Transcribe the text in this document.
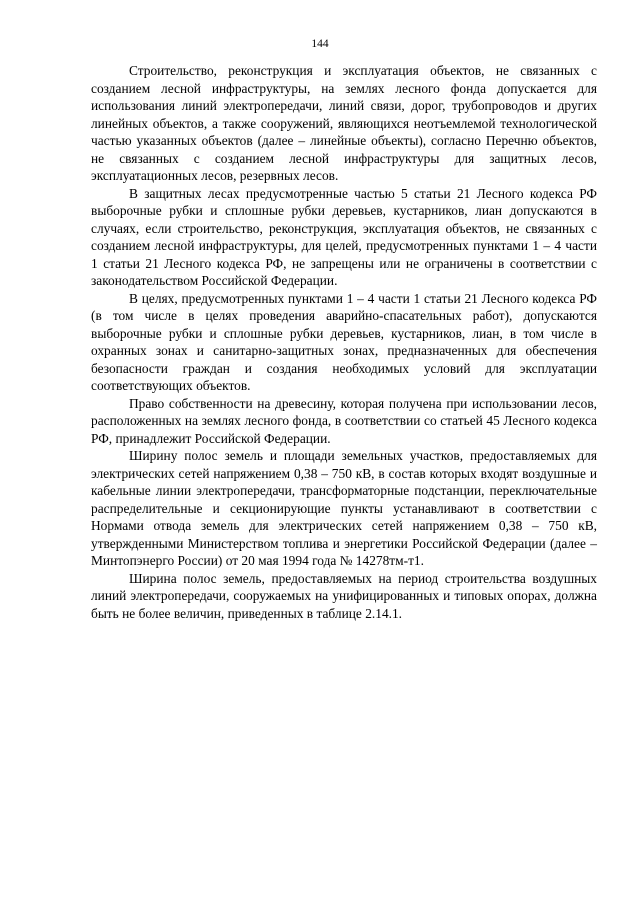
144

Строительство, реконструкция и эксплуатация объектов, не связанных с созданием лесной инфраструктуры, на землях лесного фонда допускается для использования линий электропередачи, линий связи, дорог, трубопроводов и других линейных объектов, а также сооружений, являющихся неотъемлемой технологической частью указанных объектов (далее – линейные объекты), согласно Перечню объектов, не связанных с созданием лесной инфраструктуры для защитных лесов, эксплуатационных лесов, резервных лесов.

В защитных лесах предусмотренные частью 5 статьи 21 Лесного кодекса РФ выборочные рубки и сплошные рубки деревьев, кустарников, лиан допускаются в случаях, если строительство, реконструкция, эксплуатация объектов, не связанных с созданием лесной инфраструктуры, для целей, предусмотренных пунктами 1 – 4 части 1 статьи 21 Лесного кодекса РФ, не запрещены или не ограничены в соответствии с законодательством Российской Федерации.

В целях, предусмотренных пунктами 1 – 4 части 1 статьи 21 Лесного кодекса РФ (в том числе в целях проведения аварийно-спасательных работ), допускаются выборочные рубки и сплошные рубки деревьев, кустарников, лиан, в том числе в охранных зонах и санитарно-защитных зонах, предназначенных для обеспечения безопасности граждан и создания необходимых условий для эксплуатации соответствующих объектов.

Право собственности на древесину, которая получена при использовании лесов, расположенных на землях лесного фонда, в соответствии со статьей 45 Лесного кодекса РФ, принадлежит Российской Федерации.

Ширину полос земель и площади земельных участков, предоставляемых для электрических сетей напряжением 0,38 – 750 кВ, в состав которых входят воздушные и кабельные линии электропередачи, трансформаторные подстанции, переключательные распределительные и секционирующие пункты устанавливают в соответствии с Нормами отвода земель для электрических сетей напряжением 0,38 – 750 кВ, утвержденными Министерством топлива и энергетики Российской Федерации (далее – Минтопэнерго России) от 20 мая 1994 года № 14278тм-т1.

Ширина полос земель, предоставляемых на период строительства воздушных линий электропередачи, сооружаемых на унифицированных и типовых опорах, должна быть не более величин, приведенных в таблице 2.14.1.
